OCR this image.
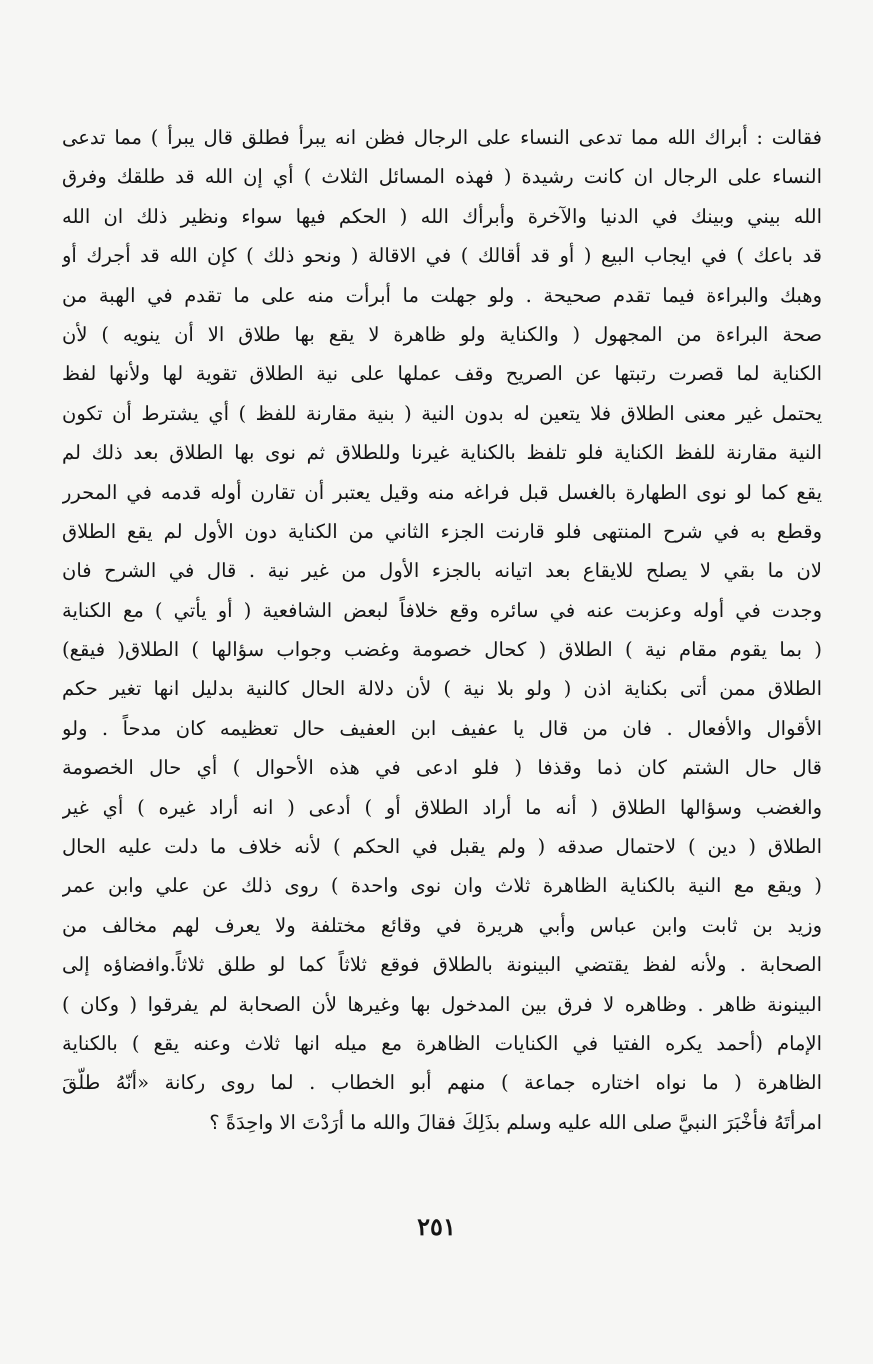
فقالت : أبراك الله مما تدعى النساء على الرجال فظن انه يبرأ فطلق قال يبرأ ) مما تدعى
النساء على الرجال ان كانت رشيدة ( فهذه المسائل الثلاث ) أي إن الله قد طلقك وفرق
الله بيني وبينك في الدنيا والآخرة وأبرأك الله ( الحكم فيها سواء ونظير ذلك ان الله
قد باعك ) في ايجاب البيع ( أو قد أقالك ) في الاقالة ( ونحو ذلك ) كإن الله قد أجرك أو
وهبك والبراءة فيما تقدم صحيحة . ولو جهلت ما أبرأت منه على ما تقدم في الهبة من
صحة البراءة من المجهول ( والكناية ولو ظاهرة لا يقع بها طلاق الا أن ينويه ) لأن
الكناية لما قصرت رتبتها عن الصريح وقف عملها على نية الطلاق تقوية لها ولأنها لفظ
يحتمل غير معنى الطلاق فلا يتعين له بدون النية ( بنية مقارنة للفظ ) أي يشترط أن تكون
النية مقارنة للفظ الكناية فلو تلفظ بالكناية غيرنا وللطلاق ثم نوى بها الطلاق بعد ذلك لم
يقع كما لو نوى الطهارة بالغسل قبل فراغه منه وقيل يعتبر أن تقارن أوله قدمه في المحرر
وقطع به في شرح المنتهى فلو قارنت الجزء الثاني من الكناية دون الأول لم يقع الطلاق
لان ما بقي لا يصلح للايقاع بعد اتيانه بالجزء الأول من غير نية . قال في الشرح فان
وجدت في أوله وعزبت عنه في سائره وقع خلافاً لبعض الشافعية ( أو يأتي ) مع الكناية
( بما يقوم مقام نية ) الطلاق ( كحال خصومة وغضب وجواب سؤالها ) الطلاق( فيقع)
الطلاق ممن أتى بكناية اذن ( ولو بلا نية ) لأن دلالة الحال كالنية بدليل انها تغير حكم
الأقوال والأفعال . فان من قال يا عفيف ابن العفيف حال تعظيمه كان مدحاً . ولو
قال حال الشتم كان ذما وقذفا ( فلو ادعى في هذه الأحوال ) أي حال الخصومة
والغضب وسؤالها الطلاق ( أنه ما أراد الطلاق أو ) أدعى ( انه أراد غيره ) أي غير
الطلاق ( دين ) لاحتمال صدقه ( ولم يقبل في الحكم ) لأنه خلاف ما دلت عليه الحال
( ويقع مع النية بالكناية الظاهرة ثلاث وان نوى واحدة ) روى ذلك عن علي وابن عمر
وزيد بن ثابت وابن عباس وأبي هريرة في وقائع مختلفة ولا يعرف لهم مخالف من
الصحابة . ولأنه لفظ يقتضي البينونة بالطلاق فوقع ثلاثاً كما لو طلق ثلاثاً.وافضاؤه إلى
البينونة ظاهر . وظاهره لا فرق بين المدخول بها وغيرها لأن الصحابة لم يفرقوا ( وكان )
الإمام (أحمد يكره الفتيا في الكنايات الظاهرة مع ميله انها ثلاث وعنه يقع ) بالكناية
الظاهرة ( ما نواه اختاره جماعة ) منهم أبو الخطاب . لما روى ركانة «أنّهُ طلّقَ
امرأتَهُ فأخْبَرَ النبيَّ صلى الله عليه وسلم بذَلِكَ فقالَ والله ما أرَدْتَ الا واحِدَةً ؟
٢٥١
